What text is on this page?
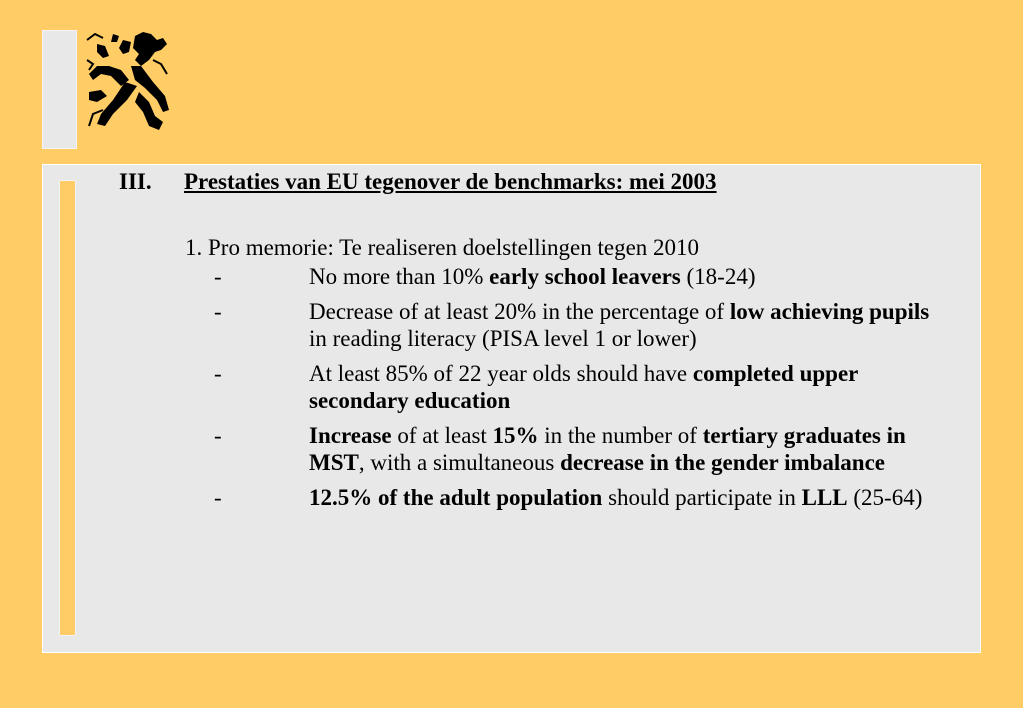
III. Prestaties van EU tegenover de benchmarks: mei 2003
1. Pro memorie: Te realiseren doelstellingen tegen 2010
-	No more than 10% early school leavers (18-24)
-	Decrease of at least 20% in the percentage of low achieving pupils in reading literacy (PISA level 1 or lower)
-	At least 85% of 22 year olds should have completed upper secondary education
-	Increase of at least 15% in the number of tertiary graduates in MST, with a simultaneous decrease in the gender imbalance
-	12.5% of the adult population should participate in LLL (25-64)
